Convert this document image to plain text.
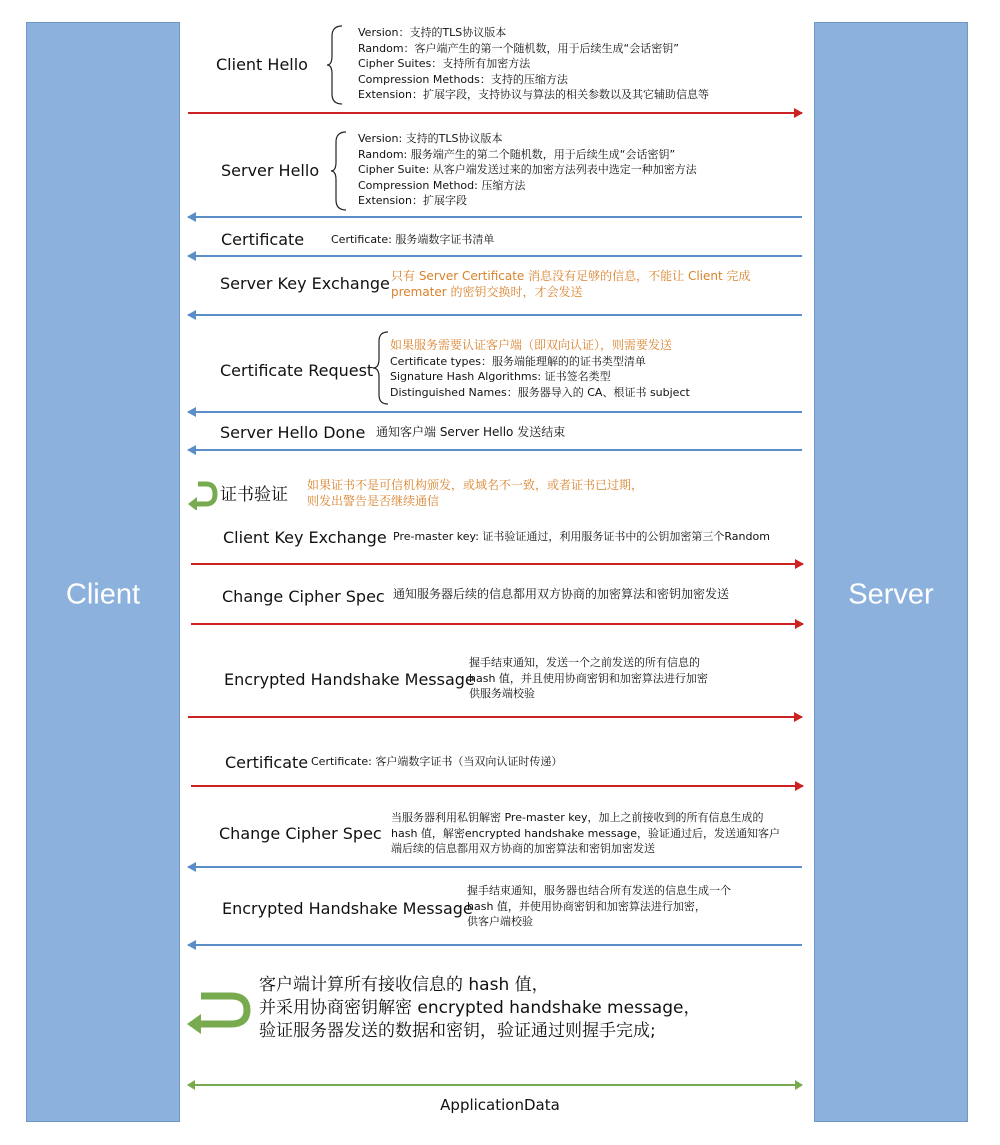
Client	Server
Client Hello
Version：支持的TLS协议版本
Random：客户端产生的第一个随机数，用于后续生成“会话密钥”
Cipher Suites：支持所有加密方法
Compression Methods：支持的压缩方法
Extension：扩展字段，支持协议与算法的相关参数以及其它辅助信息等
Server Hello
Version: 支持的TLS协议版本
Random: 服务端产生的第二个随机数，用于后续生成“会话密钥”
Cipher Suite: 从客户端发送过来的加密方法列表中选定一种加密方法
Compression Method: 压缩方法
Extension：扩展字段
Certificate Certificate: 服务端数字证书清单
Server Key Exchange 只有 Server Certificate 消息没有足够的信息，不能让 Client 完成
premater 的密钥交换时，才会发送
Certificate Request
如果服务需要认证客户端（即双向认证），则需要发送
Certificate types：服务端能理解的的证书类型清单
Signature Hash Algorithms: 证书签名类型
Distinguished Names：服务器导入的 CA、根证书 subject
Server Hello Done 通知客户端 Server Hello 发送结束
证书验证 如果证书不是可信机构颁发，或域名不一致，或者证书已过期，
则发出警告是否继续通信
Client Key Exchange Pre-master key: 证书验证通过，利用服务证书中的公钥加密第三个Random
Change Cipher Spec 通知服务器后续的信息都用双方协商的加密算法和密钥加密发送
Encrypted Handshake Message
握手结束通知，发送一个之前发送的所有信息的
hash 值，并且使用协商密钥和加密算法进行加密
供服务端校验
Certificate Certificate: 客户端数字证书（当双向认证时传递）
Change Cipher Spec
当服务器利用私钥解密 Pre-master key，加上之前接收到的所有信息生成的
hash 值，解密encrypted handshake message，验证通过后，发送通知客户
端后续的信息都用双方协商的加密算法和密钥加密发送
Encrypted Handshake Message
握手结束通知，服务器也结合所有发送的信息生成一个
hash 值，并使用协商密钥和加密算法进行加密，
供客户端校验
客户端计算所有接收信息的 hash 值，
并采用协商密钥解密 encrypted handshake message，
验证服务器发送的数据和密钥，验证通过则握手完成;
ApplicationData
